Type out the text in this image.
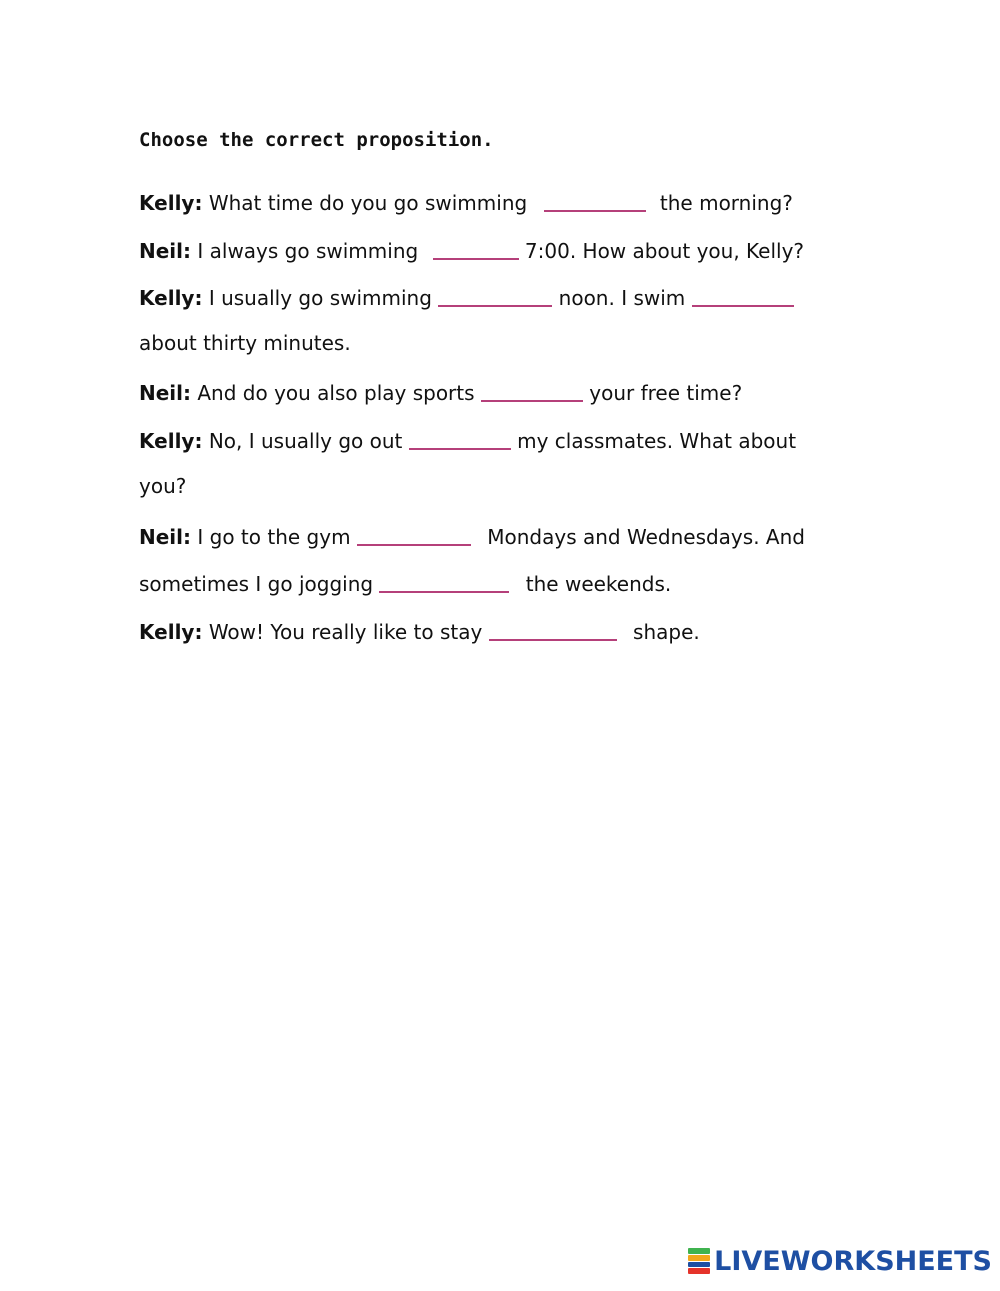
Choose the correct proposition.
Kelly: What time do you go swimming	the morning?
Neil: I always go swimming	7:00. How about you, Kelly?
Kelly: I usually go swimming	noon. I swim
about thirty minutes.
Neil: And do you also play sports	your free time?
Kelly: No, I usually go out	my classmates. What about
you?
Neil: I go to the gym	Mondays and Wednesdays. And
sometimes I go jogging	the weekends.
Kelly: Wow! You really like to stay	shape.
LIVEWORKSHEETS
